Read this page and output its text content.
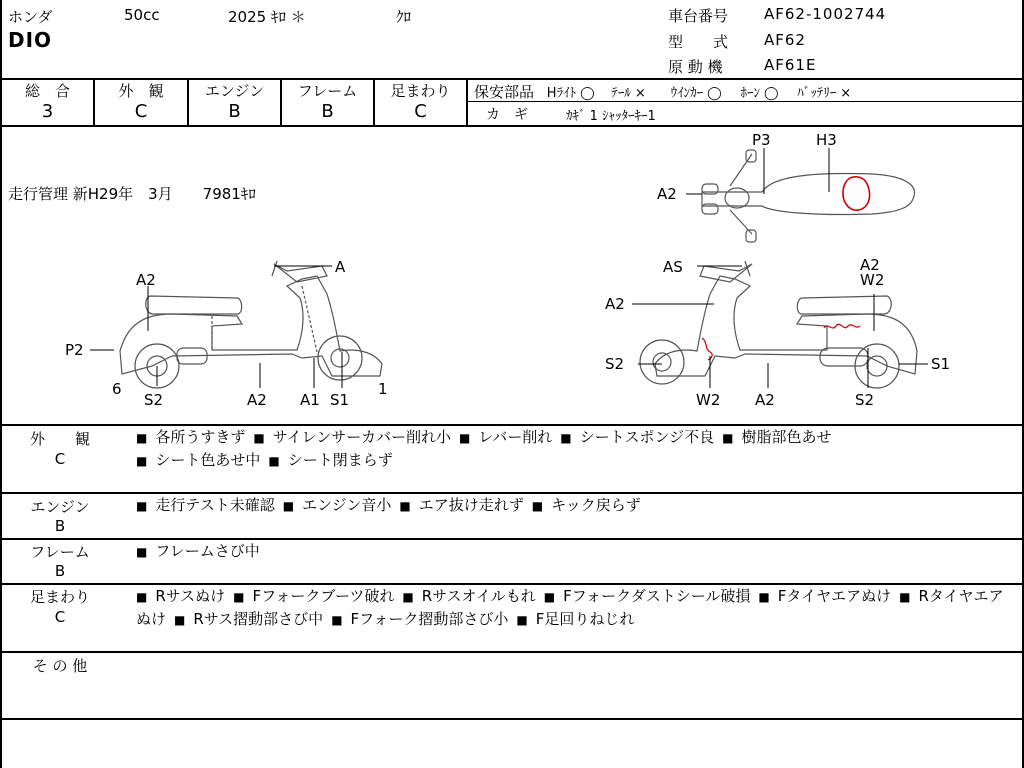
ホンダ	50cc	2025 ｷﾛ ＊	ｸﾛ
DIO
車台番号 AF62-1002744
型　　式 AF62
原 動 機	AF61E
総　合
3
外　観
C
エンジン
B
フレーム
B
足まわり
C
保安部品 Hﾗｲﾄ ◯ ﾃｰﾙ × ｳｲﾝｶｰ ◯ ﾎｰﾝ ◯ ﾊﾞｯﾃﾘｰ ×
カ　ギ	ｶｷﾞ 1 ｼｬｯﾀｰｷｰ1
走行管理 新H29年　3月　　7981ｷﾛ
A
A2
P2
6
S2	A2 A1 S1
1
AS
A2
A2
W2
S2
W2 A2	S2
S1
P3	H3
A2
外　　観
C
■ 各所うすきず ■ サイレンサーカバー削れ小 ■ レバー削れ ■ シートスポンジ不良 ■ 樹脂部色あせ
■ シート色あせ中 ■ シート閉まらず
エンジン
B
■ 走行テスト未確認 ■ エンジン音小 ■ エア抜け走れず ■ キック戻らず
フレーム
B
■ フレームさび中
足まわり
C
■ Rサスぬけ ■ Fフォークブーツ破れ ■ Rサスオイルもれ ■ Fフォークダストシール破損 ■ Fタイヤエアぬけ ■ Rタイヤエアぬけ ■ Rサス摺動部さび中 ■ Fフォーク摺動部さび小 ■ F足回りねじれ
そ の 他
